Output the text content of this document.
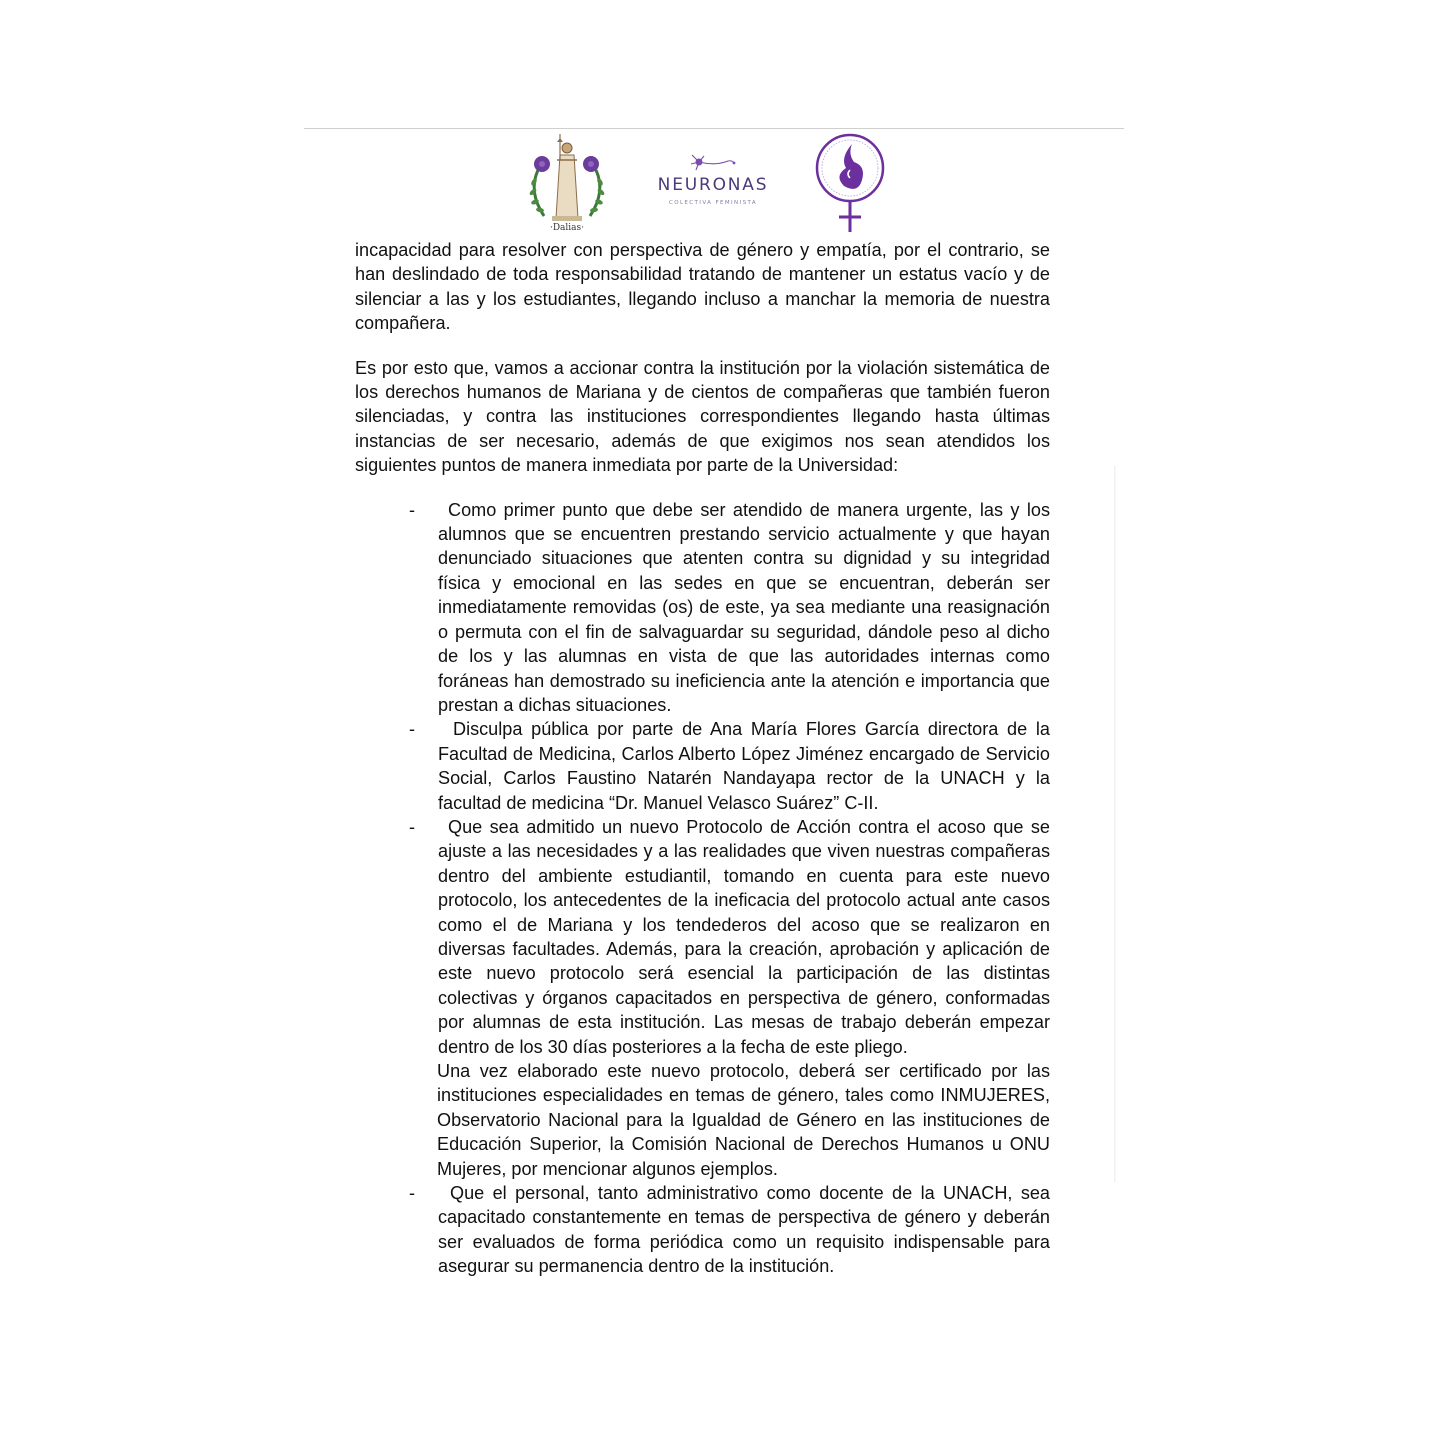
·Dalias·
NEURONAS
COLECTIVA FEMINISTA

incapacidad para resolver con perspectiva de género y empatía, por el contrario, se han deslindado de toda responsabilidad tratando de mantener un estatus vacío y de silenciar a las y los estudiantes, llegando incluso a manchar la memoria de nuestra compañera.

Es por esto que, vamos a accionar contra la institución por la violación sistemática de los derechos humanos de Mariana y de cientos de compañeras que también fueron silenciadas, y contra las instituciones correspondientes llegando hasta últimas instancias de ser necesario, además de que exigimos nos sean atendidos los siguientes puntos de manera inmediata por parte de la Universidad:

- Como primer punto que debe ser atendido de manera urgente, las y los alumnos que se encuentren prestando servicio actualmente y que hayan denunciado situaciones que atenten contra su dignidad y su integridad física y emocional en las sedes en que se encuentran, deberán ser inmediatamente removidas (os) de este, ya sea mediante una reasignación o permuta con el fin de salvaguardar su seguridad, dándole peso al dicho de los y las alumnas en vista de que las autoridades internas como foráneas han demostrado su ineficiencia ante la atención e importancia que prestan a dichas situaciones.
- Disculpa pública por parte de Ana María Flores García directora de la Facultad de Medicina, Carlos Alberto López Jiménez encargado de Servicio Social, Carlos Faustino Natarén Nandayapa rector de la UNACH y la facultad de medicina “Dr. Manuel Velasco Suárez” C-II.
- Que sea admitido un nuevo Protocolo de Acción contra el acoso que se ajuste a las necesidades y a las realidades que viven nuestras compañeras dentro del ambiente estudiantil, tomando en cuenta para este nuevo protocolo, los antecedentes de la ineficacia del protocolo actual ante casos como el de Mariana y los tendederos del acoso que se realizaron en diversas facultades. Además, para la creación, aprobación y aplicación de este nuevo protocolo será esencial la participación de las distintas colectivas y órganos capacitados en perspectiva de género, conformadas por alumnas de esta institución. Las mesas de trabajo deberán empezar dentro de los 30 días posteriores a la fecha de este pliego.

Una vez elaborado este nuevo protocolo, deberá ser certificado por las instituciones especialidades en temas de género, tales como INMUJERES, Observatorio Nacional para la Igualdad de Género en las instituciones de Educación Superior, la Comisión Nacional de Derechos Humanos u ONU Mujeres, por mencionar algunos ejemplos.

- Que el personal, tanto administrativo como docente de la UNACH, sea capacitado constantemente en temas de perspectiva de género y deberán ser evaluados de forma periódica como un requisito indispensable para asegurar su permanencia dentro de la institución.
